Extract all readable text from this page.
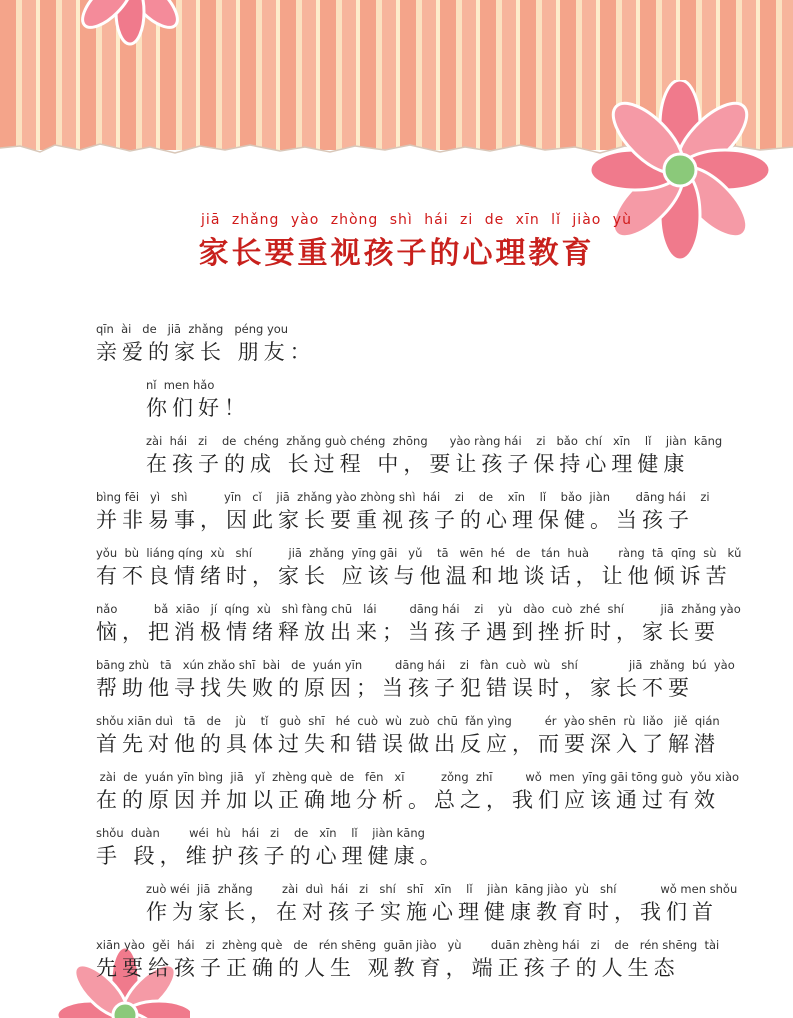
jiā zhǎng yào zhòng shì hái zi de xīn lǐ jiào yù
家长要重视孩子的心理教育
qīn  ài   de   jiā  zhǎng   péng you
亲爱的家长 朋友：
nǐ  men hǎo
你们好！
zài  hái   zi    de  chéng  zhǎng guò chéng  zhōng      yào ràng hái    zi   bǎo  chí   xīn    lǐ    jiàn  kāng
在孩子的成 长过程 中，要让孩子保持心理健康
bìng fēi   yì   shì          yīn   cǐ    jiā  zhǎng yào zhòng shì  hái    zi    de    xīn    lǐ    bǎo  jiàn       dāng hái    zi
并非易事，因此家长要重视孩子的心理保健。当孩子
yǒu  bù  liáng qíng  xù   shí          jiā  zhǎng  yīng gāi   yǔ    tā   wēn  hé   de   tán  huà        ràng  tā  qīng  sù   kǔ
有不良情绪时，家长 应该与他温和地谈话，让他倾诉苦
nǎo          bǎ  xiāo   jí  qíng  xù   shì fàng chū   lái         dāng hái    zi    yù   dào  cuò  zhé  shí          jiā  zhǎng yào
恼，把消极情绪释放出来；当孩子遇到挫折时，家长要
bāng zhù   tā   xún zhǎo shī  bài   de  yuán yīn         dāng hái    zi   fàn  cuò  wù   shí              jiā  zhǎng  bú  yào
帮助他寻找失败的原因；当孩子犯错误时，家长不要
shǒu xiān duì   tā   de    jù    tǐ   guò  shī   hé  cuò  wù  zuò  chū  fǎn yìng         ér  yào shēn  rù  liǎo   jiě  qián
首先对他的具体过失和错误做出反应，而要深入了解潜
zài  de  yuán yīn bìng  jiā   yǐ  zhèng què  de   fēn   xī          zǒng  zhī         wǒ  men  yīng gāi tōng guò  yǒu xiào
在的原因并加以正确地分析。总之，我们应该通过有效
shǒu  duàn        wéi  hù   hái   zi    de   xīn    lǐ    jiàn kāng
手 段，维护孩子的心理健康。
zuò wéi  jiā  zhǎng        zài  duì  hái   zi   shí   shī   xīn    lǐ    jiàn  kāng jiào  yù   shí            wǒ men shǒu
作为家长，在对孩子实施心理健康教育时，我们首
xiān yào  gěi  hái   zi  zhèng què   de   rén shēng  guān jiào   yù        duān zhèng hái   zi    de   rén shēng  tài
先要给孩子正确的人生 观教育，端正孩子的人生态
